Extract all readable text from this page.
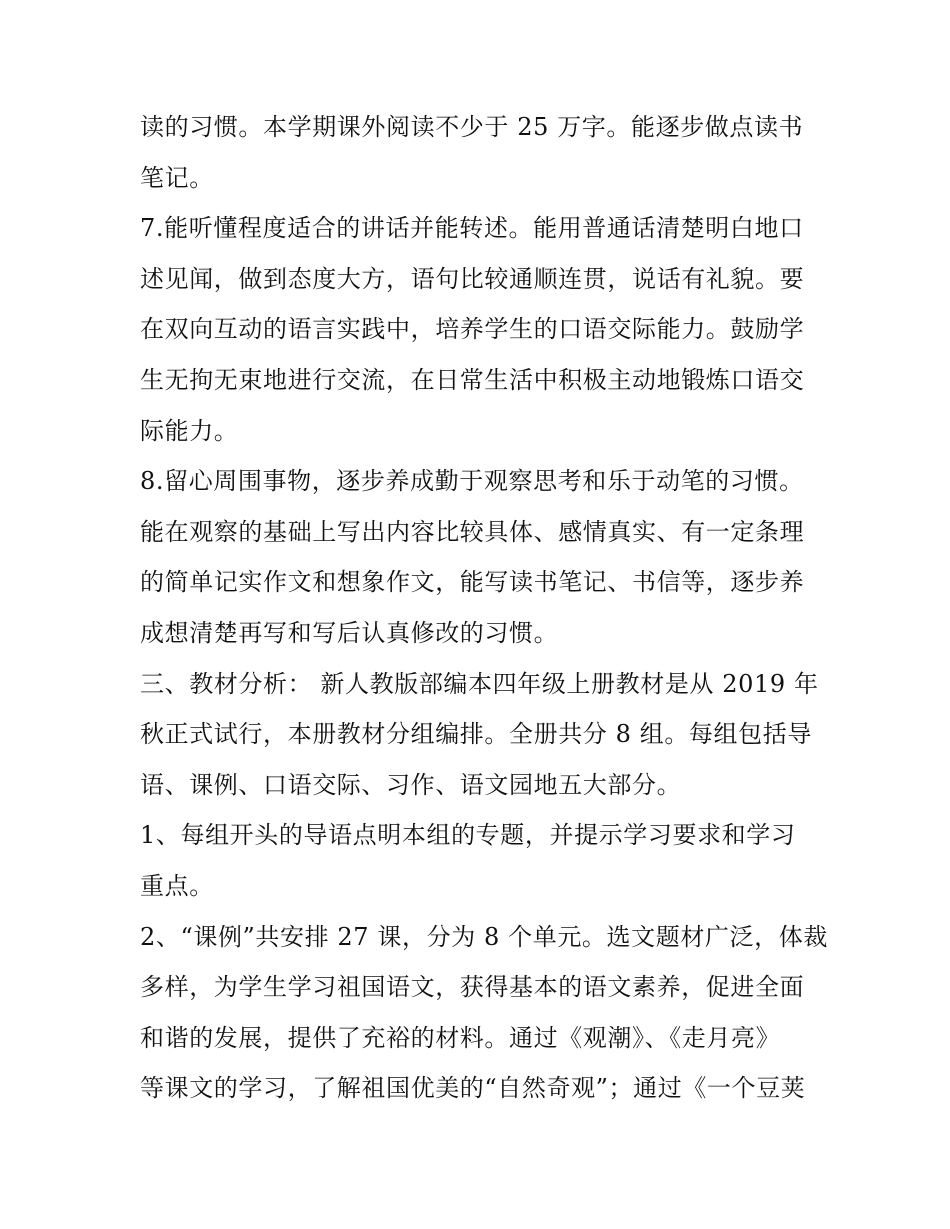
读的习惯。本学期课外阅读不少于 25 万字。能逐步做点读书
笔记。
7.能听懂程度适合的讲话并能转述。能用普通话清楚明白地口
述见闻，做到态度大方，语句比较通顺连贯，说话有礼貌。要
在双向互动的语言实践中，培养学生的口语交际能力。鼓励学
生无拘无束地进行交流，在日常生活中积极主动地锻炼口语交
际能力。
8.留心周围事物，逐步养成勤于观察思考和乐于动笔的习惯。
能在观察的基础上写出内容比较具体、感情真实、有一定条理
的简单记实作文和想象作文，能写读书笔记、书信等，逐步养
成想清楚再写和写后认真修改的习惯。
三、教材分析： 新人教版部编本四年级上册教材是从 2019 年
秋正式试行，本册教材分组编排。全册共分 8 组。每组包括导
语、课例、口语交际、习作、语文园地五大部分。
1、每组开头的导语点明本组的专题，并提示学习要求和学习
重点。
2、“课例”共安排 27 课，分为 8 个单元。选文题材广泛，体裁
多样，为学生学习祖国语文，获得基本的语文素养，促进全面
和谐的发展，提供了充裕的材料。通过《观潮》、《走月亮》
等课文的学习，了解祖国优美的“自然奇观”；通过《一个豆荚
